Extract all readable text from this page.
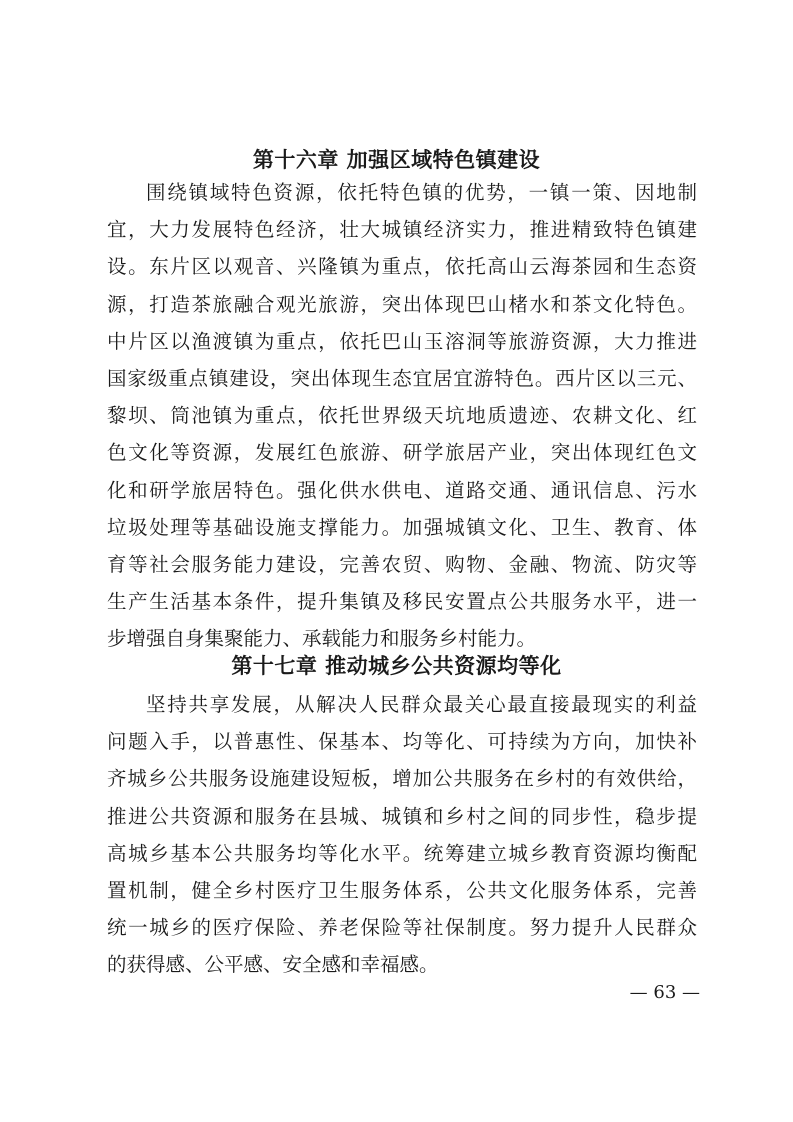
第十六章 加强区域特色镇建设
围绕镇域特色资源，依托特色镇的优势，一镇一策、因地制
宜，大力发展特色经济，壮大城镇经济实力，推进精致特色镇建
设。东片区以观音、兴隆镇为重点，依托高山云海茶园和生态资
源，打造茶旅融合观光旅游，突出体现巴山楮水和茶文化特色。
中片区以渔渡镇为重点，依托巴山玉溶洞等旅游资源，大力推进
国家级重点镇建设，突出体现生态宜居宜游特色。西片区以三元、
黎坝、筒池镇为重点，依托世界级天坑地质遗迹、农耕文化、红
色文化等资源，发展红色旅游、研学旅居产业，突出体现红色文
化和研学旅居特色。强化供水供电、道路交通、通讯信息、污水
垃圾处理等基础设施支撑能力。加强城镇文化、卫生、教育、体
育等社会服务能力建设，完善农贸、购物、金融、物流、防灾等
生产生活基本条件，提升集镇及移民安置点公共服务水平，进一
步增强自身集聚能力、承载能力和服务乡村能力。
第十七章 推动城乡公共资源均等化
坚持共享发展，从解决人民群众最关心最直接最现实的利益
问题入手，以普惠性、保基本、均等化、可持续为方向，加快补
齐城乡公共服务设施建设短板，增加公共服务在乡村的有效供给，
推进公共资源和服务在县城、城镇和乡村之间的同步性，稳步提
高城乡基本公共服务均等化水平。统筹建立城乡教育资源均衡配
置机制，健全乡村医疗卫生服务体系，公共文化服务体系，完善
统一城乡的医疗保险、养老保险等社保制度。努力提升人民群众
的获得感、公平感、安全感和幸福感。
— 63 —
